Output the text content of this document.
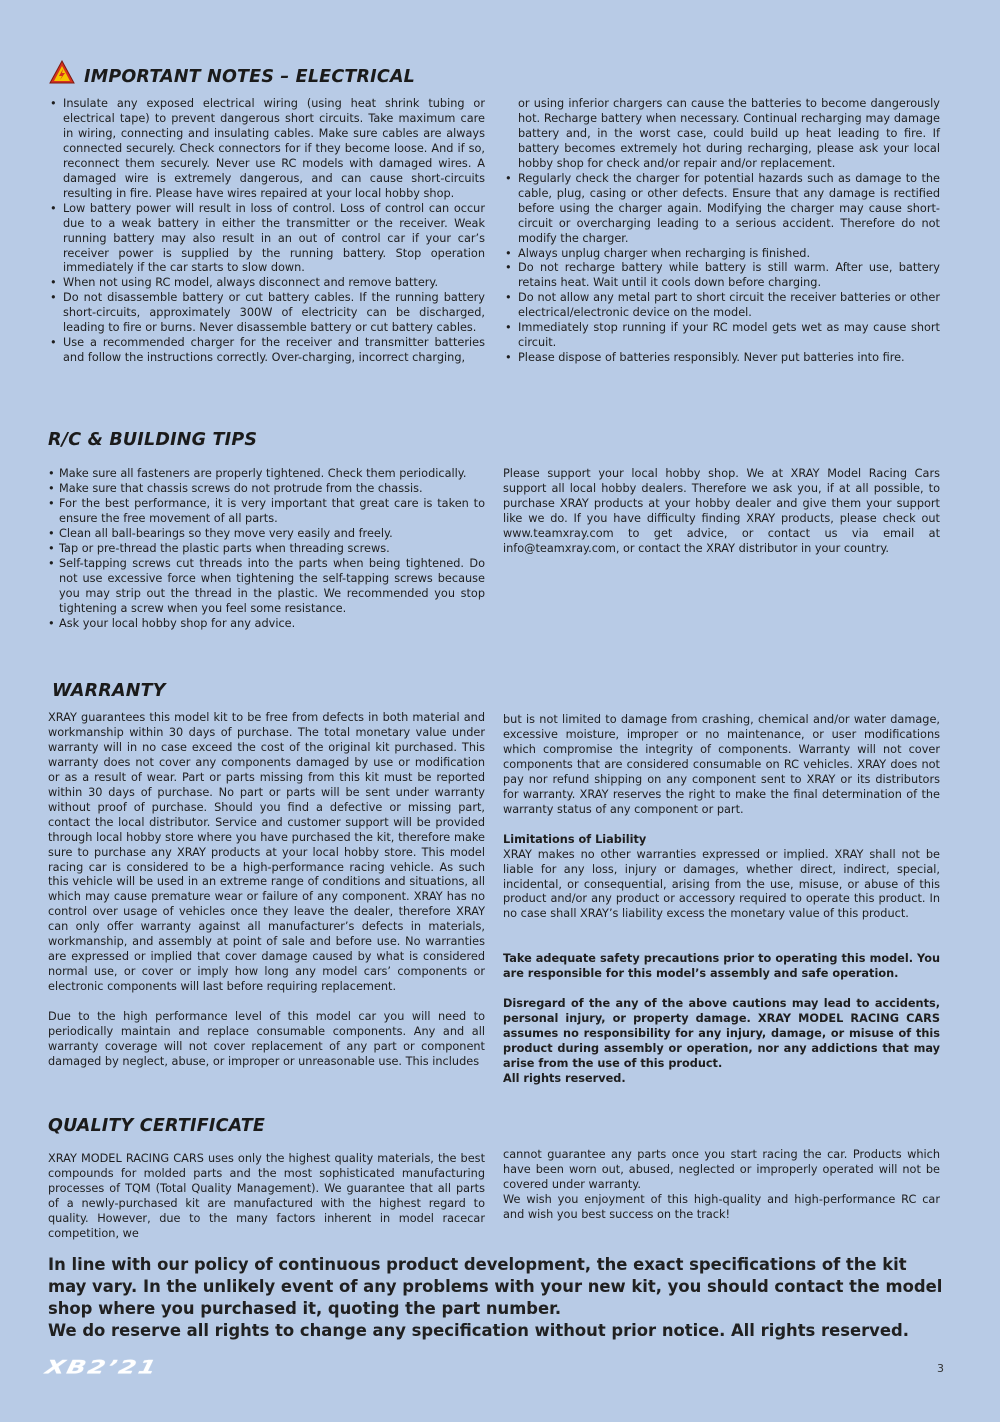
IMPORTANT NOTES – ELECTRICAL
• Insulate any exposed electrical wiring (using heat shrink tubing or electrical tape) to prevent dangerous short circuits. Take maximum care in wiring, connecting and insulating cables. Make sure cables are always connected securely. Check connectors for if they become loose. And if so, reconnect them securely. Never use RC models with damaged wires. A damaged wire is extremely dangerous, and can cause short-circuits resulting in fire. Please have wires repaired at your local hobby shop.
• Low battery power will result in loss of control. Loss of control can occur due to a weak battery in either the transmitter or the receiver. Weak running battery may also result in an out of control car if your car’s receiver power is supplied by the running battery. Stop operation immediately if the car starts to slow down.
• When not using RC model, always disconnect and remove battery.
• Do not disassemble battery or cut battery cables. If the running battery short-circuits, approximately 300W of electricity can be discharged, leading to fire or burns. Never disassemble battery or cut battery cables.
• Use a recommended charger for the receiver and transmitter batteries and follow the instructions correctly. Over-charging, incorrect charging,

or using inferior chargers can cause the batteries to become dangerously hot. Recharge battery when necessary. Continual recharging may damage battery and, in the worst case, could build up heat leading to fire. If battery becomes extremely hot during recharging, please ask your local hobby shop for check and/or repair and/or replacement.

• Regularly check the charger for potential hazards such as damage to the cable, plug, casing or other defects. Ensure that any damage is rectified before using the charger again. Modifying the charger may cause short-circuit or overcharging leading to a serious accident. Therefore do not modify the charger.
• Always unplug charger when recharging is finished.
• Do not recharge battery while battery is still warm. After use, battery retains heat. Wait until it cools down before charging.
• Do not allow any metal part to short circuit the receiver batteries or other electrical/electronic device on the model.
• Immediately stop running if your RC model gets wet as may cause short circuit.
• Please dispose of batteries responsibly. Never put batteries into fire.
R/C & BUILDING TIPS
• Make sure all fasteners are properly tightened. Check them periodically.
• Make sure that chassis screws do not protrude from the chassis.
• For the best performance, it is very important that great care is taken to ensure the free movement of all parts.
• Clean all ball-bearings so they move very easily and freely.
• Tap or pre-thread the plastic parts when threading screws.
• Self-tapping screws cut threads into the parts when being tightened. Do not use excessive force when tightening the self-tapping screws because you may strip out the thread in the plastic. We recommended you stop tightening a screw when you feel some resistance.
• Ask your local hobby shop for any advice.

Please support your local hobby shop. We at XRAY Model Racing Cars support all local hobby dealers. Therefore we ask you, if at all possible, to purchase XRAY products at your hobby dealer and give them your support like we do. If you have difficulty finding XRAY products, please check out www.teamxray.com to get advice, or contact us via email at info@teamxray.com, or contact the XRAY distributor in your country.

WARRANTY

XRAY guarantees this model kit to be free from defects in both material and workmanship within 30 days of purchase. The total monetary value under warranty will in no case exceed the cost of the original kit purchased. This warranty does not cover any components damaged by use or modification or as a result of wear. Part or parts missing from this kit must be reported within 30 days of purchase. No part or parts will be sent under warranty without proof of purchase. Should you find a defective or missing part, contact the local distributor. Service and customer support will be provided through local hobby store where you have purchased the kit, therefore make sure to purchase any XRAY products at your local hobby store. This model racing car is considered to be a high-performance racing vehicle. As such this vehicle will be used in an extreme range of conditions and situations, all which may cause premature wear or failure of any component. XRAY has no control over usage of vehicles once they leave the dealer, therefore XRAY can only offer warranty against all manufacturer’s defects in materials, workmanship, and assembly at point of sale and before use. No warranties are expressed or implied that cover damage caused by what is considered normal use, or cover or imply how long any model cars’ components or electronic components will last before requiring replacement.

Due to the high performance level of this model car you will need to periodically maintain and replace consumable components. Any and all warranty coverage will not cover replacement of any part or component damaged by neglect, abuse, or improper or unreasonable use. This includes

but is not limited to damage from crashing, chemical and/or water damage, excessive moisture, improper or no maintenance, or user modifications which compromise the integrity of components. Warranty will not cover components that are considered consumable on RC vehicles. XRAY does not pay nor refund shipping on any component sent to XRAY or its distributors for warranty. XRAY reserves the right to make the final determination of the warranty status of any component or part.

Limitations of Liability

XRAY makes no other warranties expressed or implied. XRAY shall not be liable for any loss, injury or damages, whether direct, indirect, special, incidental, or consequential, arising from the use, misuse, or abuse of this product and/or any product or accessory required to operate this product. In no case shall XRAY’s liability excess the monetary value of this product.

Take adequate safety precautions prior to operating this model. You are responsible for this model’s assembly and safe operation.

Disregard of the any of the above cautions may lead to accidents, personal injury, or property damage. XRAY MODEL RACING CARS assumes no responsibility for any injury, damage, or misuse of this product during assembly or operation, nor any addictions that may arise from the use of this product.

All rights reserved.

QUALITY CERTIFICATE

XRAY MODEL RACING CARS uses only the highest quality materials, the best compounds for molded parts and the most sophisticated manufacturing processes of TQM (Total Quality Management). We guarantee that all parts of a newly-purchased kit are manufactured with the highest regard to quality. However, due to the many factors inherent in model racecar competition, we

cannot guarantee any parts once you start racing the car. Products which have been worn out, abused, neglected or improperly operated will not be covered under warranty.

We wish you enjoyment of this high-quality and high-performance RC car and wish you best success on the track!

In line with our policy of continuous product development, the exact specifications of the kit may vary. In the unlikely event of any problems with your new kit, you should contact the model shop where you purchased it, quoting the part number.

We do reserve all rights to change any specification without prior notice. All rights reserved.

XB2’21	3
